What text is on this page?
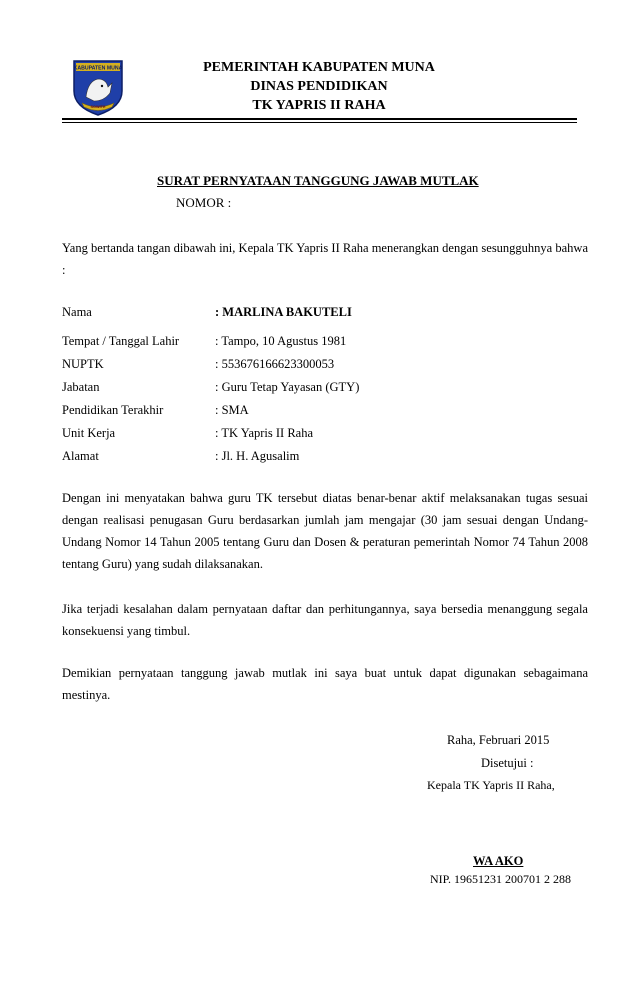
KABUPATEN MUNA
SOWITE
PEMERINTAH KABUPATEN MUNA
DINAS PENDIDIKAN
TK YAPRIS II RAHA
SURAT PERNYATAAN TANGGUNG JAWAB MUTLAK
NOMOR :
Yang bertanda tangan dibawah ini, Kepala TK Yapris II Raha menerangkan dengan sesungguhnya bahwa :
Nama	: MARLINA BAKUTELI
Tempat / Tanggal Lahir	: Tampo, 10 Agustus 1981
NUPTK	: 553676166623300053
Jabatan	: Guru Tetap Yayasan (GTY)
Pendidikan Terakhir	: SMA
Unit Kerja	: TK Yapris II Raha
Alamat	: Jl. H. Agusalim
Dengan ini menyatakan bahwa guru TK tersebut diatas benar-benar aktif melaksanakan tugas sesuai dengan realisasi penugasan Guru berdasarkan jumlah jam mengajar (30 jam sesuai dengan Undang-Undang Nomor 14 Tahun 2005 tentang Guru dan Dosen & peraturan pemerintah Nomor 74 Tahun 2008 tentang Guru) yang sudah dilaksanakan.
Jika terjadi kesalahan dalam pernyataan daftar dan perhitungannya, saya bersedia menanggung segala konsekuensi yang timbul.
Demikian pernyataan tanggung jawab mutlak ini saya buat untuk dapat digunakan sebagaimana mestinya.
Raha, Februari 2015
Disetujui :
Kepala TK Yapris II Raha,
WA AKO
NIP. 19651231 200701 2 288
